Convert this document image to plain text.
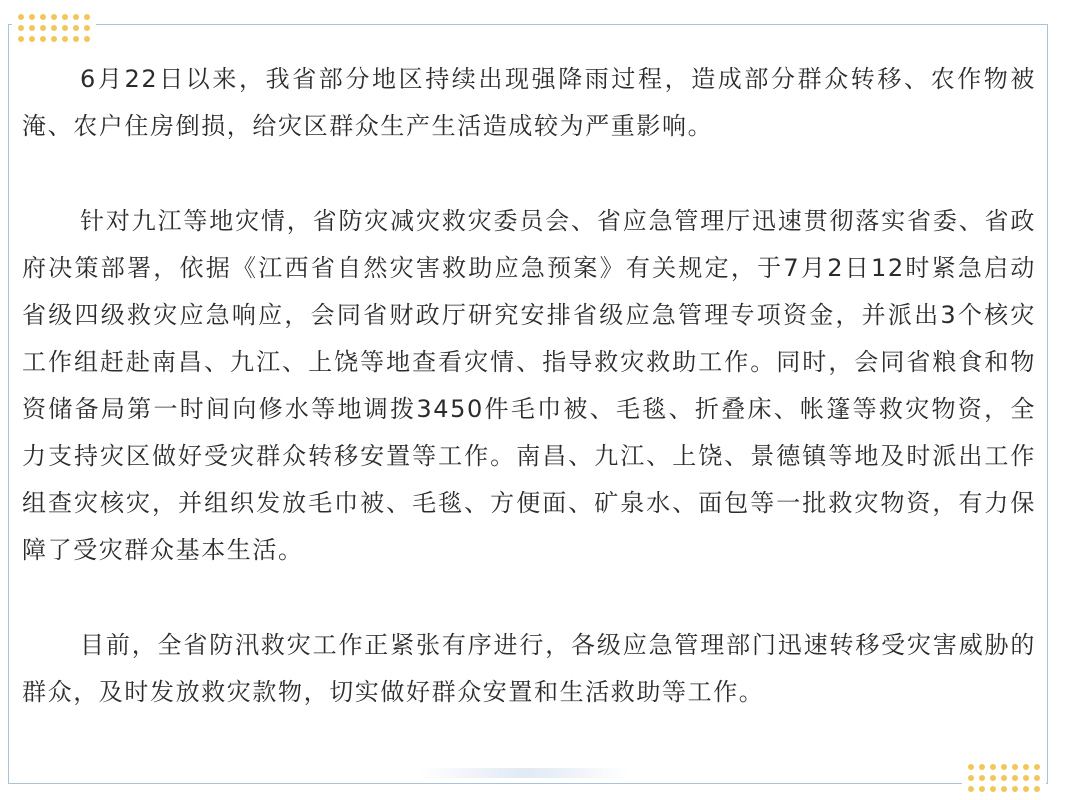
6月22日以来，我省部分地区持续出现强降雨过程，造成部分群众转移、农作物被淹、农户住房倒损，给灾区群众生产生活造成较为严重影响。

针对九江等地灾情，省防灾减灾救灾委员会、省应急管理厅迅速贯彻落实省委、省政府决策部署，依据《江西省自然灾害救助应急预案》有关规定，于7月2日12时紧急启动省级四级救灾应急响应，会同省财政厅研究安排省级应急管理专项资金，并派出3个核灾工作组赶赴南昌、九江、上饶等地查看灾情、指导救灾救助工作。同时，会同省粮食和物资储备局第一时间向修水等地调拨3450件毛巾被、毛毯、折叠床、帐篷等救灾物资，全力支持灾区做好受灾群众转移安置等工作。南昌、九江、上饶、景德镇等地及时派出工作组查灾核灾，并组织发放毛巾被、毛毯、方便面、矿泉水、面包等一批救灾物资，有力保障了受灾群众基本生活。

目前，全省防汛救灾工作正紧张有序进行，各级应急管理部门迅速转移受灾害威胁的群众，及时发放救灾款物，切实做好群众安置和生活救助等工作。
